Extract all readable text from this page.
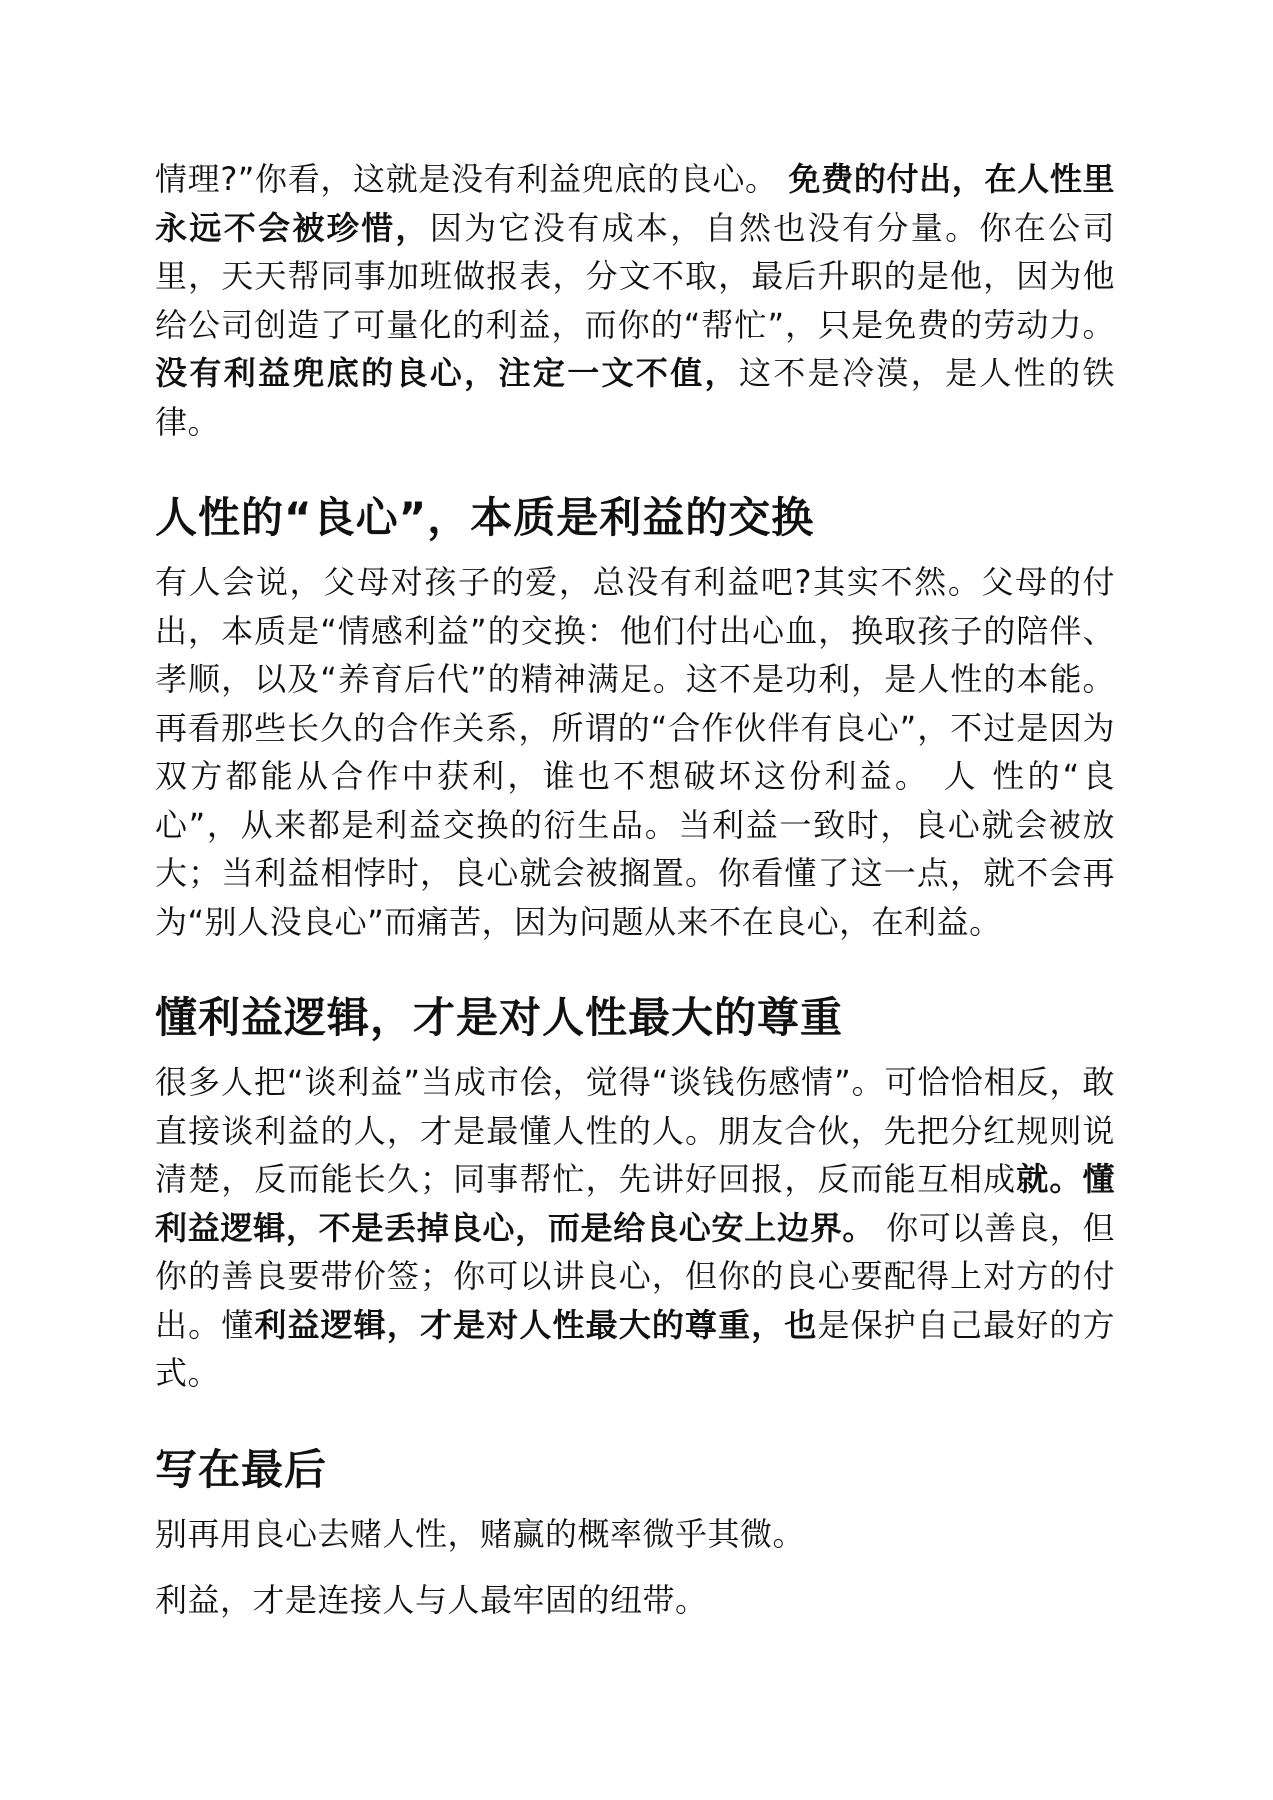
情理?”你看，这就是没有利益兜底的良心。 免费的付出，在人性里永远不会被珍惜，因为它没有成本，自然也没有分量。你在公司里，天天帮同事加班做报表，分文不取，最后升职的是他，因为他给公司创造了可量化的利益，而你的“帮忙”，只是免费的劳动力。没有利益兜底的良心，注定一文不值，这不是冷漠，是人性的铁律。

人性的“良心”，本质是利益的交换

有人会说，父母对孩子的爱，总没有利益吧?其实不然。父母的付出，本质是“情感利益”的交换：他们付出心血，换取孩子的陪伴、孝顺，以及“养育后代”的精神满足。这不是功利，是人性的本能。再看那些长久的合作关系，所谓的“合作伙伴有良心”，不过是因为双方都能从合作中获利，谁也不想破坏这份利益。 人 性的“良心”，从来都是利益交换的衍生品。当利益一致时，良心就会被放大；当利益相悖时，良心就会被搁置。你看懂了这一点，就不会再为“别人没良心”而痛苦，因为问题从来不在良心，在利益。

懂利益逻辑，才是对人性最大的尊重

很多人把“谈利益”当成市侩，觉得“谈钱伤感情”。可恰恰相反，敢直接谈利益的人，才是最懂人性的人。朋友合伙，先把分红规则说清楚，反而能长久；同事帮忙，先讲好回报，反而能互相成就。懂利益逻辑，不是丢掉良心，而是给良心安上边界。 你可以善良，但你的善良要带价签；你可以讲良心，但你的良心要配得上对方的付出。懂利益逻辑，才是对人性最大的尊重，也是保护自己最好的方式。

写在最后

别再用良心去赌人性，赌赢的概率微乎其微。

利益，才是连接人与人最牢固的纽带。
